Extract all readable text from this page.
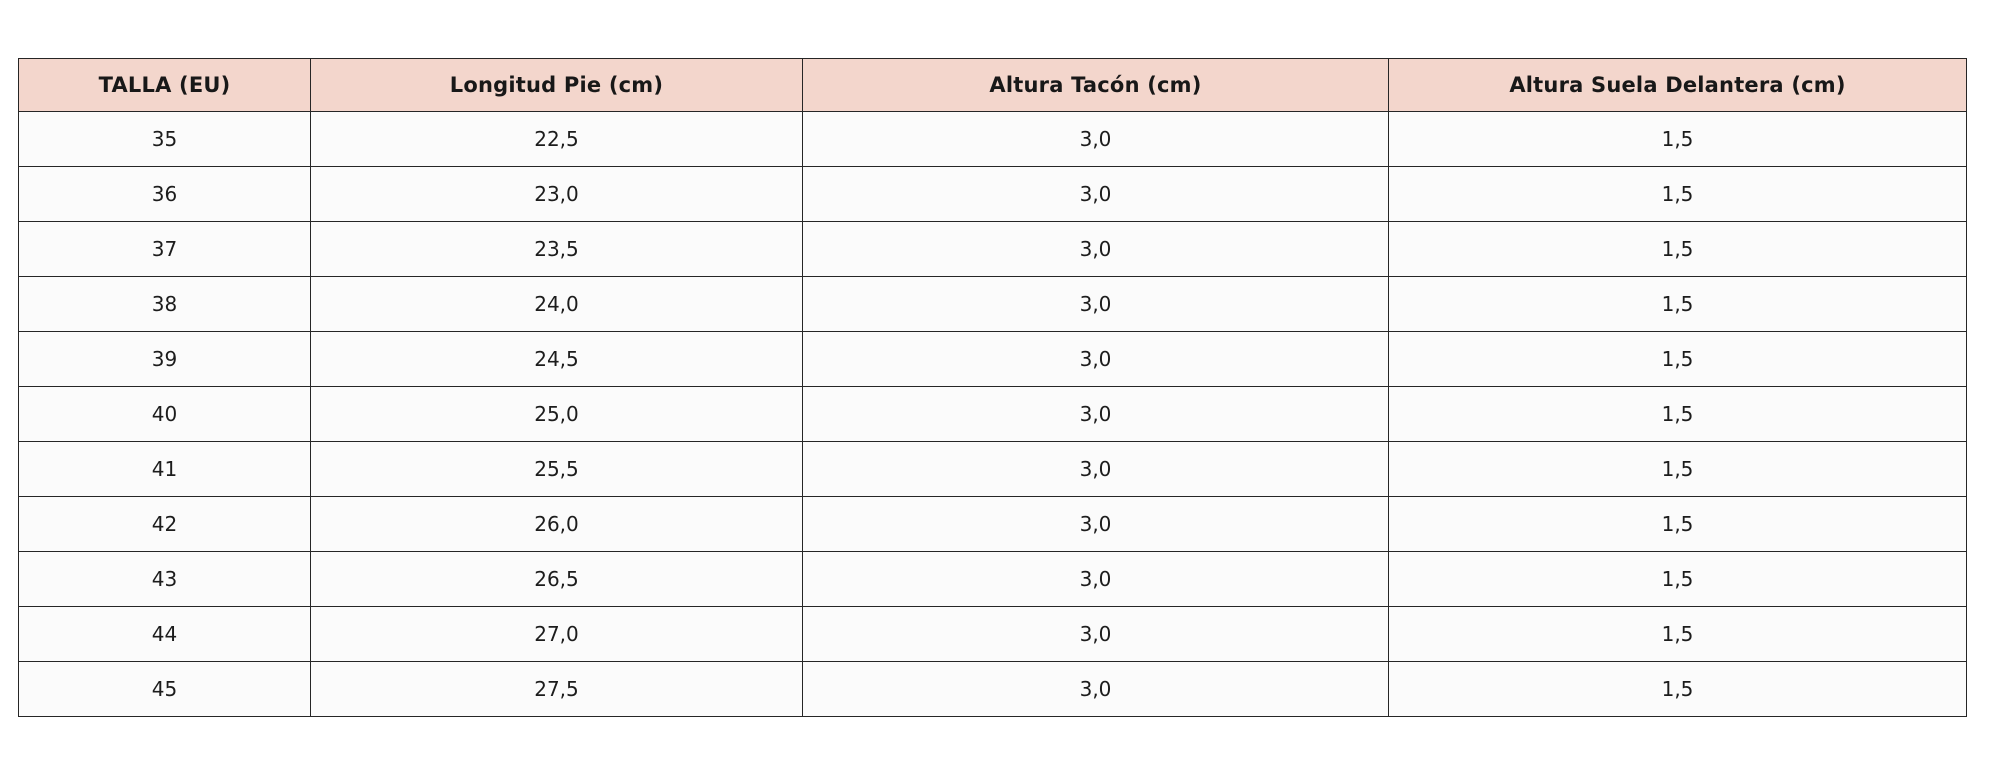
TALLA (EU)	Longitud Pie (cm)	Altura Tacón (cm)	Altura Suela Delantera (cm)
35	22,5	3,0	1,5
36	23,0	3,0	1,5
37	23,5	3,0	1,5
38	24,0	3,0	1,5
39	24,5	3,0	1,5
40	25,0	3,0	1,5
41	25,5	3,0	1,5
42	26,0	3,0	1,5
43	26,5	3,0	1,5
44	27,0	3,0	1,5
45	27,5	3,0	1,5
